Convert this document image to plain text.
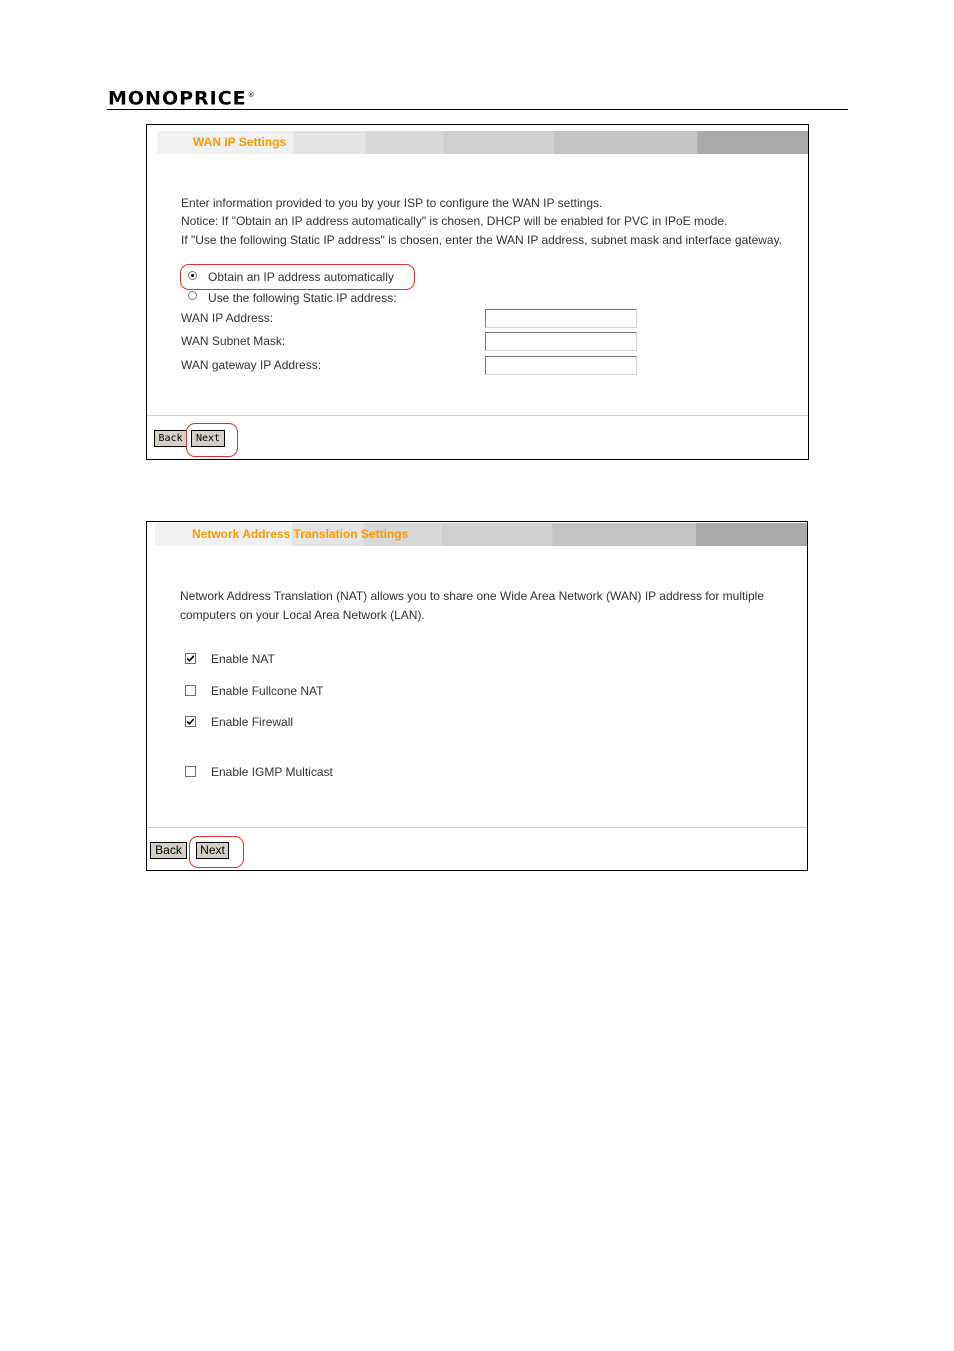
MONOPRICE®
WAN IP Settings
Enter information provided to you by your ISP to configure the WAN IP settings.
Notice: If "Obtain an IP address automatically" is chosen, DHCP will be enabled for PVC in IPoE mode.
If "Use the following Static IP address" is chosen, enter the WAN IP address, subnet mask and interface gateway.
Obtain an IP address automatically
Use the following Static IP address:
WAN IP Address:
WAN Subnet Mask:
WAN gateway IP Address:
Back	Next
Network Address Translation Settings
Network Address Translation (NAT) allows you to share one Wide Area Network (WAN) IP address for multiple
computers on your Local Area Network (LAN).
Enable NAT
Enable Fullcone NAT
Enable Firewall
Enable IGMP Multicast
Back	Next
